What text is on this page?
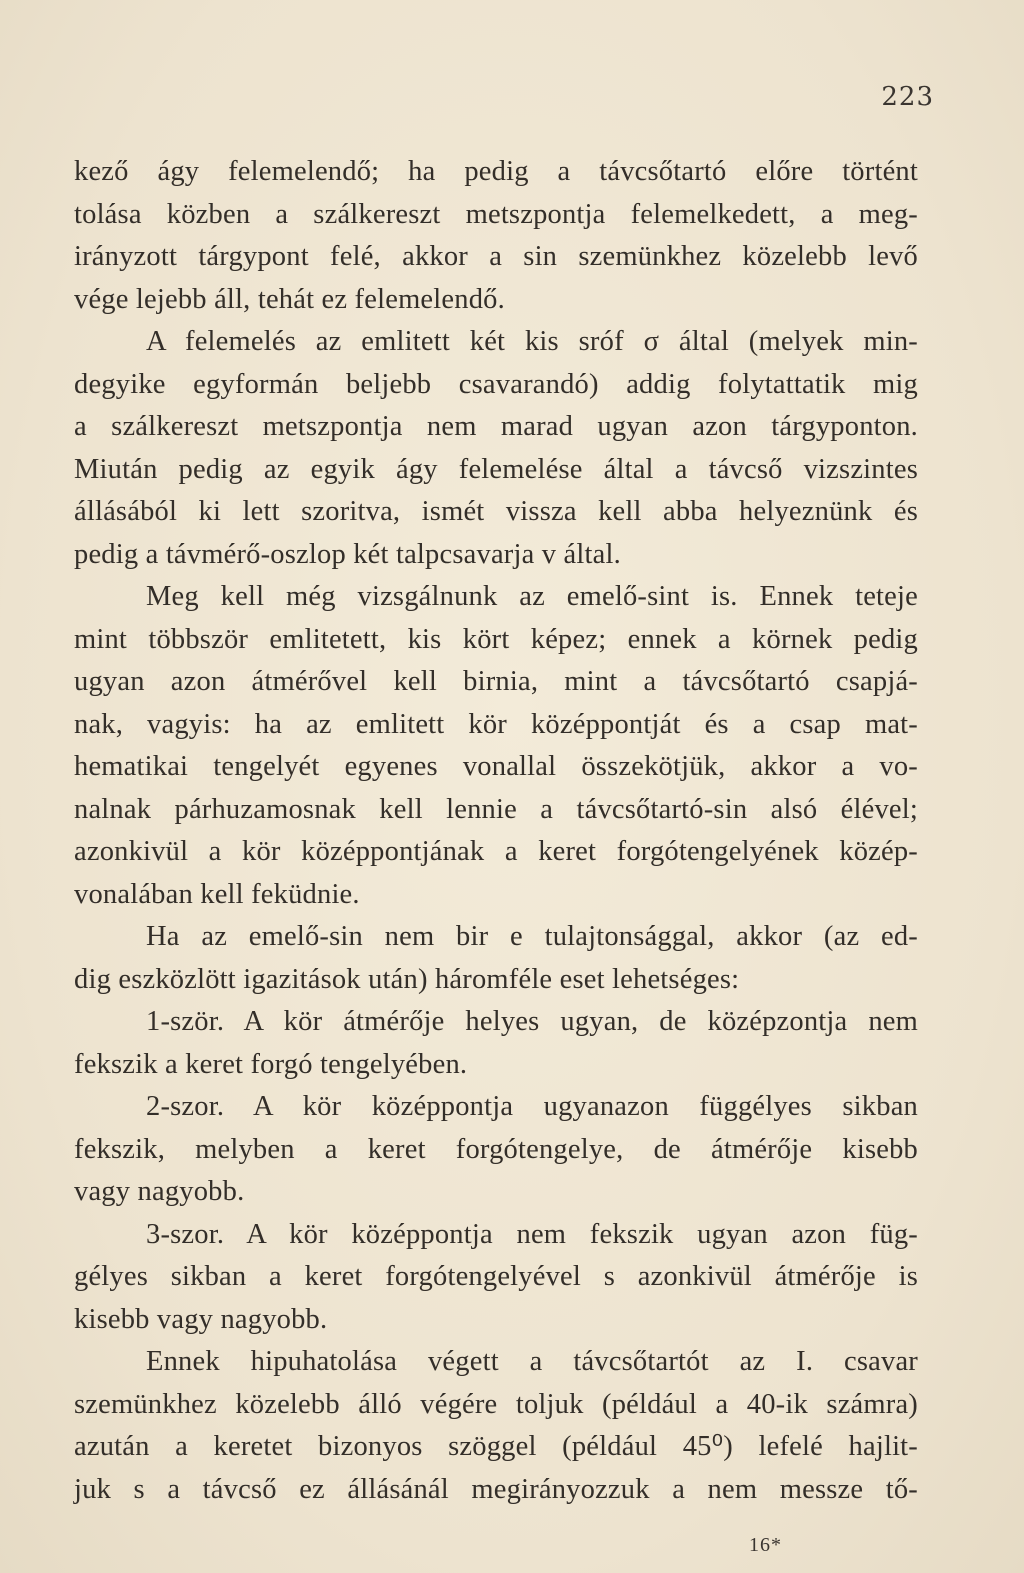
223
kező ágy felemelendő; ha pedig a távcsőtartó előre történt
tolása közben a szálkereszt metszpontja felemelkedett, a meg-
irányzott tárgypont felé, akkor a sin szemünkhez közelebb levő
vége lejebb áll, tehát ez felemelendő.
A felemelés az emlitett két kis sróf σ által (melyek min-
degyike egyformán beljebb csavarandó) addig folytattatik mig
a szálkereszt metszpontja nem marad ugyan azon tárgyponton.
Miután pedig az egyik ágy felemelése által a távcső vizszintes
állásából ki lett szoritva, ismét vissza kell abba helyeznünk és
pedig a távmérő-oszlop két talpcsavarja v által.
Meg kell még vizsgálnunk az emelő-sint is. Ennek teteje
mint többször emlitetett, kis kört képez; ennek a körnek pedig
ugyan azon átmérővel kell birnia, mint a távcsőtartó csapjá-
nak, vagyis: ha az emlitett kör középpontját és a csap mat-
hematikai tengelyét egyenes vonallal összekötjük, akkor a vo-
nalnak párhuzamosnak kell lennie a távcsőtartó-sin alsó élével;
azonkivül a kör középpontjának a keret forgótengelyének közép-
vonalában kell feküdnie.
Ha az emelő-sin nem bir e tulajtonsággal, akkor (az ed-
dig eszközlött igazitások után) háromféle eset lehetséges:
1-ször. A kör átmérője helyes ugyan, de középzontja nem
fekszik a keret forgó tengelyében.
2-szor. A kör középpontja ugyanazon függélyes sikban
fekszik, melyben a keret forgótengelye, de átmérője kisebb
vagy nagyobb.
3-szor. A kör középpontja nem fekszik ugyan azon füg-
gélyes sikban a keret forgótengelyével s azonkivül átmérője is
kisebb vagy nagyobb.
Ennek hipuhatolása végett a távcsőtartót az I. csavar
szemünkhez közelebb álló végére toljuk (például a 40-ik számra)
azután a keretet bizonyos szöggel (például 45⁰) lefelé hajlit-
juk s a távcső ez állásánál megirányozzuk a nem messze tő-
16*
